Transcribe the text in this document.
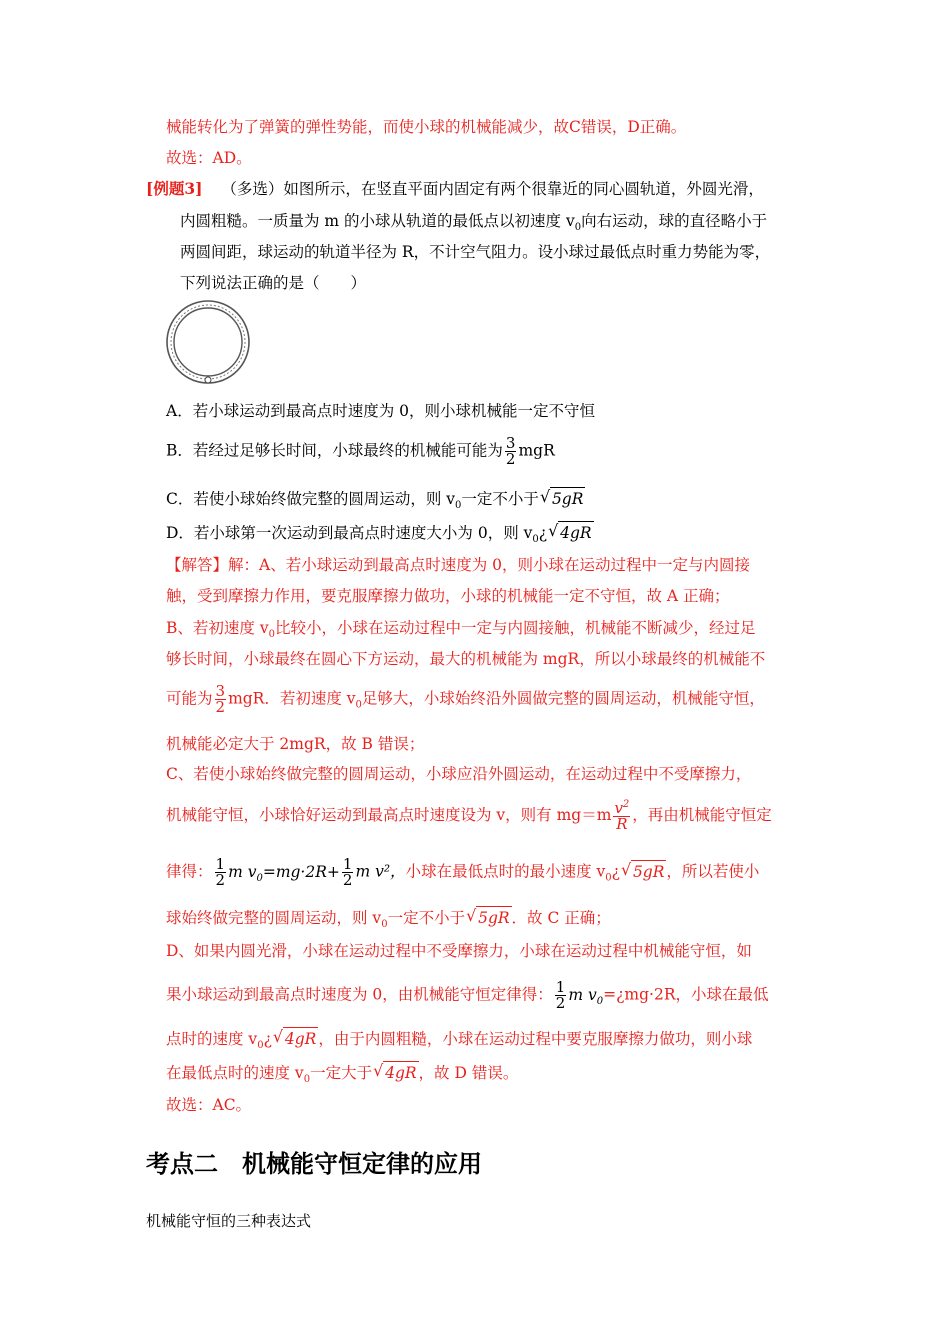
械能转化为了弹簧的弹性势能，而使小球的机械能减少，故C错误，D正确。
故选：AD。
[例题3] （多选）如图所示，在竖直平面内固定有两个很靠近的同心圆轨道，外圆光滑，
内圆粗糙。一质量为 m 的小球从轨道的最低点以初速度 $v_0$向右运动，球的直径略小于
两圆间距，球运动的轨道半径为 R，不计空气阻力。设小球过最低点时重力势能为零，
下列说法正确的是（　　）
A．若小球运动到最高点时速度为 0，则小球机械能一定不守恒
B．若经过足够长时间，小球最终的机械能可能为 $\frac{3}{2}$ mgR
C．若使小球始终做完整的圆周运动，则 $v_0$一定不小于√ 5gR
D．若小球第一次运动到最高点时速度大小为 0，则 $v_0¿√$ 4gR
【解答】解：A、若小球运动到最高点时速度为 0，则小球在运动过程中一定与内圆接
触，受到摩擦力作用，要克服摩擦力做功，小球的机械能一定不守恒，故 A 正确；
B、若初速度 $v_0$比较小，小球在运动过程中一定与内圆接触，机械能不断减少，经过足
够长时间，小球最终在圆心下方运动，最大的机械能为 mgR，所以小球最终的机械能不
可能为 $\frac{3}{2}$ mgR．若初速度 $v_0$足够大，小球始终沿外圆做完整的圆周运动，机械能守恒，
机械能必定大于 2mgR，故 B 错误；
C、若使小球始终做完整的圆周运动，小球应沿外圆运动，在运动过程中不受摩擦力，
机械能守恒，小球恰好运动到最高点时速度设为 v，则有 $mg=m \frac{v^2}{R}$ ，再由机械能守恒定
律得： $\frac{1}{2}$ m $v_0=mg\cdot 2R+ \frac{1}{2}$ m v²，小球在最低点时的最小速度 $v_0¿√$ 5gR ，所以若使小
球始终做完整的圆周运动，则 $v_0$一定不小于√ 5gR ．故 C 正确；
D、如果内圆光滑，小球在运动过程中不受摩擦力，小球在运动过程中机械能守恒，如
果小球运动到最高点时速度为 0，由机械能守恒定律得： $\frac{1}{2}$ m $v_0=¿mg\cdot 2R$，小球在最低
点时的速度 $v_0¿√$ 4gR ，由于内圆粗糙，小球在运动过程中要克服摩擦力做功，则小球
在最低点时的速度 $v_0$一定大于√ 4gR ，故 D 错误。
故选：AC。
考点二　机械能守恒定律的应用
机械能守恒的三种表达式
